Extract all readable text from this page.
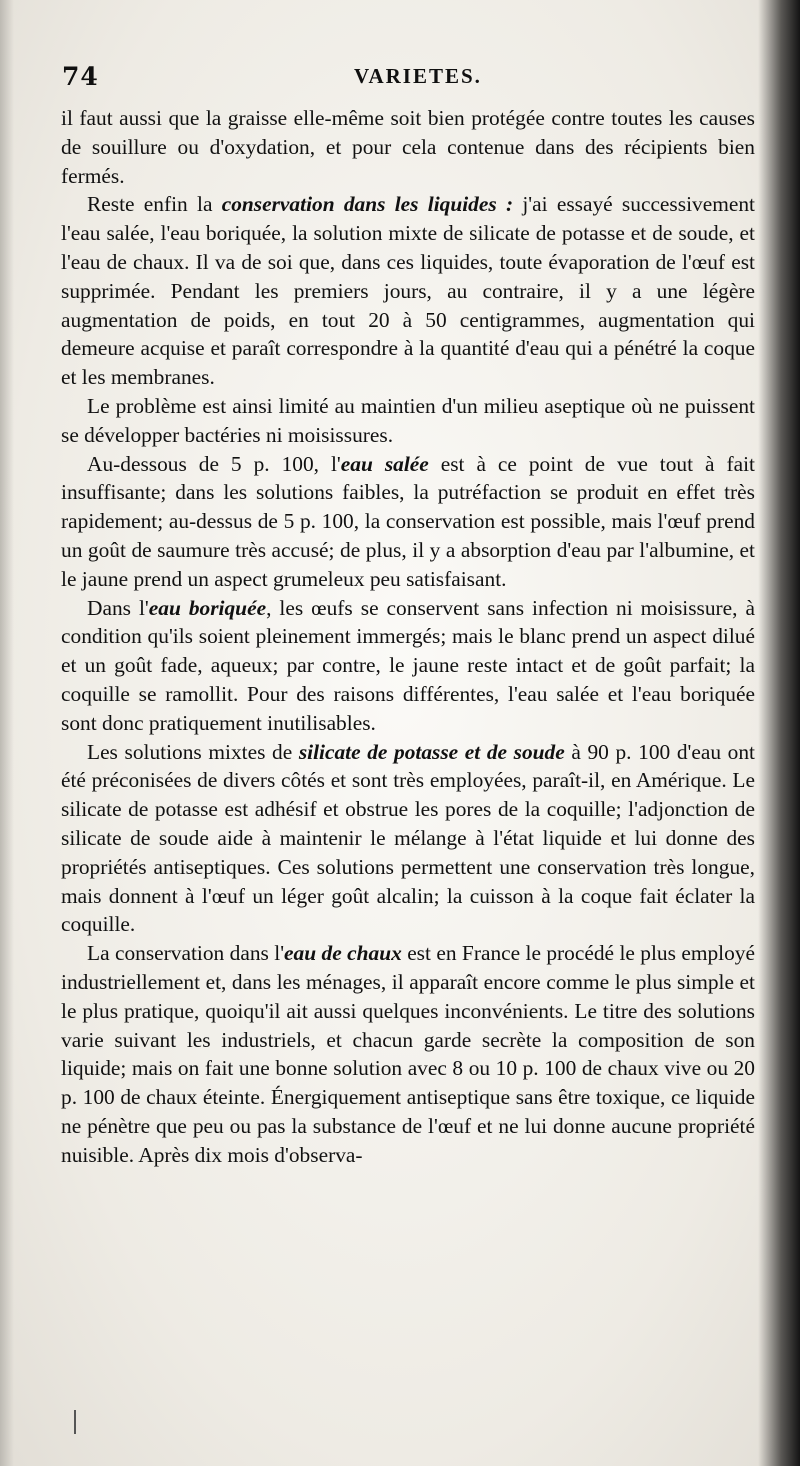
74	VARIETES.

il faut aussi que la graisse elle-même soit bien protégée contre toutes les causes de souillure ou d'oxydation, et pour cela contenue dans des récipients bien fermés.

Reste enfin la conservation dans les liquides : j'ai essayé successivement l'eau salée, l'eau boriquée, la solution mixte de silicate de potasse et de soude, et l'eau de chaux. Il va de soi que, dans ces liquides, toute évaporation de l'œuf est supprimée. Pendant les premiers jours, au contraire, il y a une légère augmentation de poids, en tout 20 à 50 centigrammes, augmentation qui demeure acquise et paraît correspondre à la quantité d'eau qui a pénétré la coque et les membranes.

Le problème est ainsi limité au maintien d'un milieu aseptique où ne puissent se développer bactéries ni moisissures.

Au-dessous de 5 p. 100, l'eau salée est à ce point de vue tout à fait insuffisante; dans les solutions faibles, la putréfaction se produit en effet très rapidement; au-dessus de 5 p. 100, la conservation est possible, mais l'œuf prend un goût de saumure très accusé; de plus, il y a absorption d'eau par l'albumine, et le jaune prend un aspect grumeleux peu satisfaisant.

Dans l'eau boriquée, les œufs se conservent sans infection ni moisissure, à condition qu'ils soient pleinement immergés; mais le blanc prend un aspect dilué et un goût fade, aqueux; par contre, le jaune reste intact et de goût parfait; la coquille se ramollit. Pour des raisons différentes, l'eau salée et l'eau boriquée sont donc pratiquement inutilisables.

Les solutions mixtes de silicate de potasse et de soude à 90 p. 100 d'eau ont été préconisées de divers côtés et sont très employées, paraît-il, en Amérique. Le silicate de potasse est adhésif et obstrue les pores de la coquille; l'adjonction de silicate de soude aide à maintenir le mélange à l'état liquide et lui donne des propriétés antiseptiques. Ces solutions permettent une conservation très longue, mais donnent à l'œuf un léger goût alcalin; la cuisson à la coque fait éclater la coquille.

La conservation dans l'eau de chaux est en France le procédé le plus employé industriellement et, dans les ménages, il apparaît encore comme le plus simple et le plus pratique, quoiqu'il ait aussi quelques inconvénients. Le titre des solutions varie suivant les industriels, et chacun garde secrète la composition de son liquide; mais on fait une bonne solution avec 8 ou 10 p. 100 de chaux vive ou 20 p. 100 de chaux éteinte. Énergiquement antiseptique sans être toxique, ce liquide ne pénètre que peu ou pas la substance de l'œuf et ne lui donne aucune propriété nuisible. Après dix mois d'observa-
